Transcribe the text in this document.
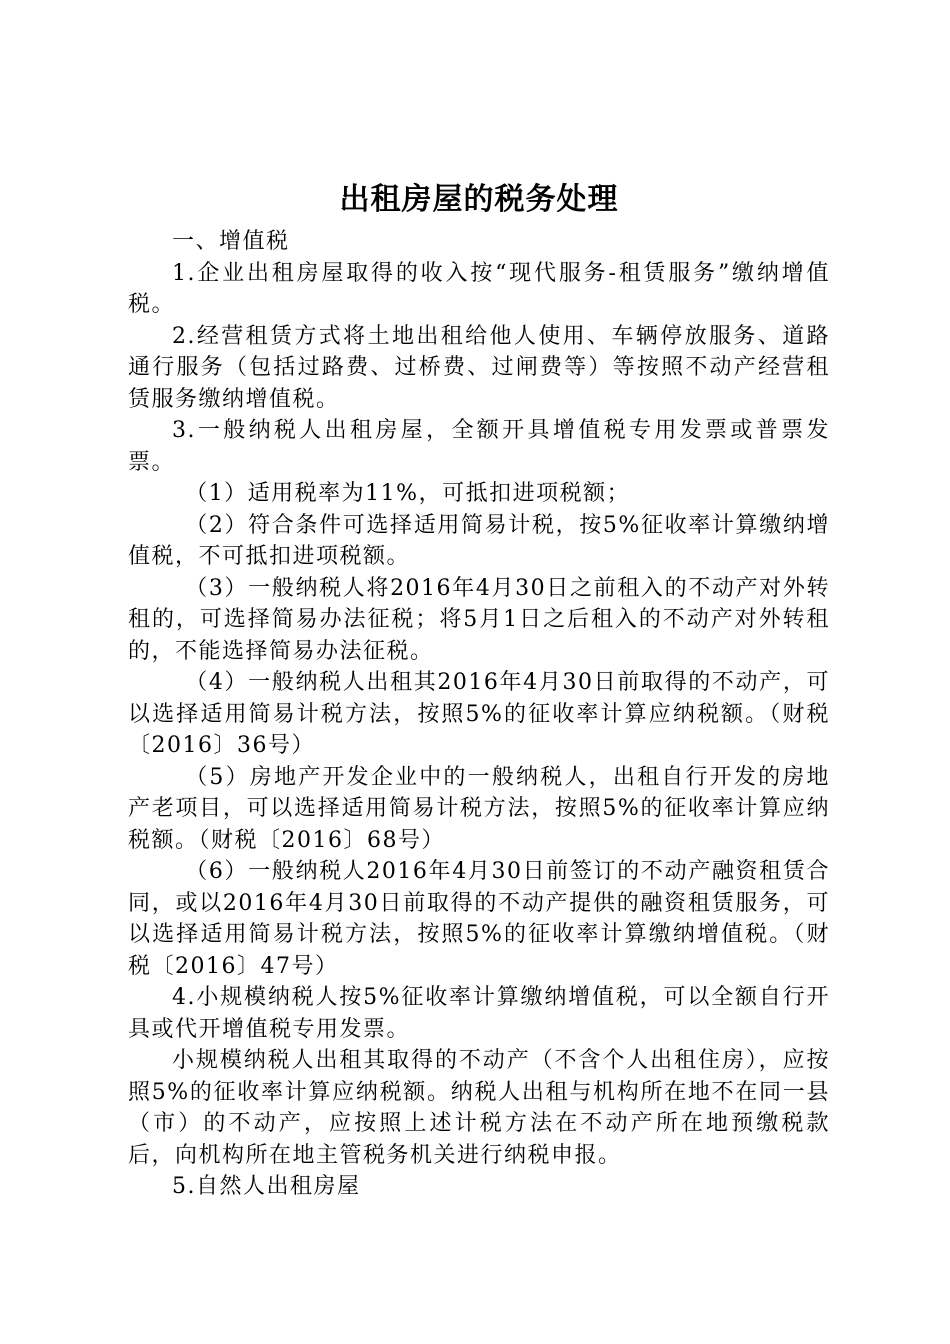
出租房屋的税务处理

一、增值税

1.企业出租房屋取得的收入按“现代服务-租赁服务”缴纳增值税。

2.经营租赁方式将土地出租给他人使用、车辆停放服务、道路通行服务（包括过路费、过桥费、过闸费等）等按照不动产经营租赁服务缴纳增值税。

3.一般纳税人出租房屋，全额开具增值税专用发票或普票发票。

（1）适用税率为11%，可抵扣进项税额；

（2）符合条件可选择适用简易计税，按5%征收率计算缴纳增值税，不可抵扣进项税额。

（3）一般纳税人将2016年4月30日之前租入的不动产对外转租的，可选择简易办法征税；将5月1日之后租入的不动产对外转租的，不能选择简易办法征税。

（4）一般纳税人出租其2016年4月30日前取得的不动产，可以选择适用简易计税方法，按照5%的征收率计算应纳税额。（财税〔2016〕36号）

（5）房地产开发企业中的一般纳税人，出租自行开发的房地产老项目，可以选择适用简易计税方法，按照5%的征收率计算应纳税额。（财税〔2016〕68号）

（6）一般纳税人2016年4月30日前签订的不动产融资租赁合同，或以2016年4月30日前取得的不动产提供的融资租赁服务，可以选择适用简易计税方法，按照5%的征收率计算缴纳增值税。（财税〔2016〕47号）

4.小规模纳税人按5%征收率计算缴纳增值税，可以全额自行开具或代开增值税专用发票。

小规模纳税人出租其取得的不动产（不含个人出租住房），应按照5%的征收率计算应纳税额。纳税人出租与机构所在地不在同一县（市）的不动产，应按照上述计税方法在不动产所在地预缴税款后，向机构所在地主管税务机关进行纳税申报。

5.自然人出租房屋
